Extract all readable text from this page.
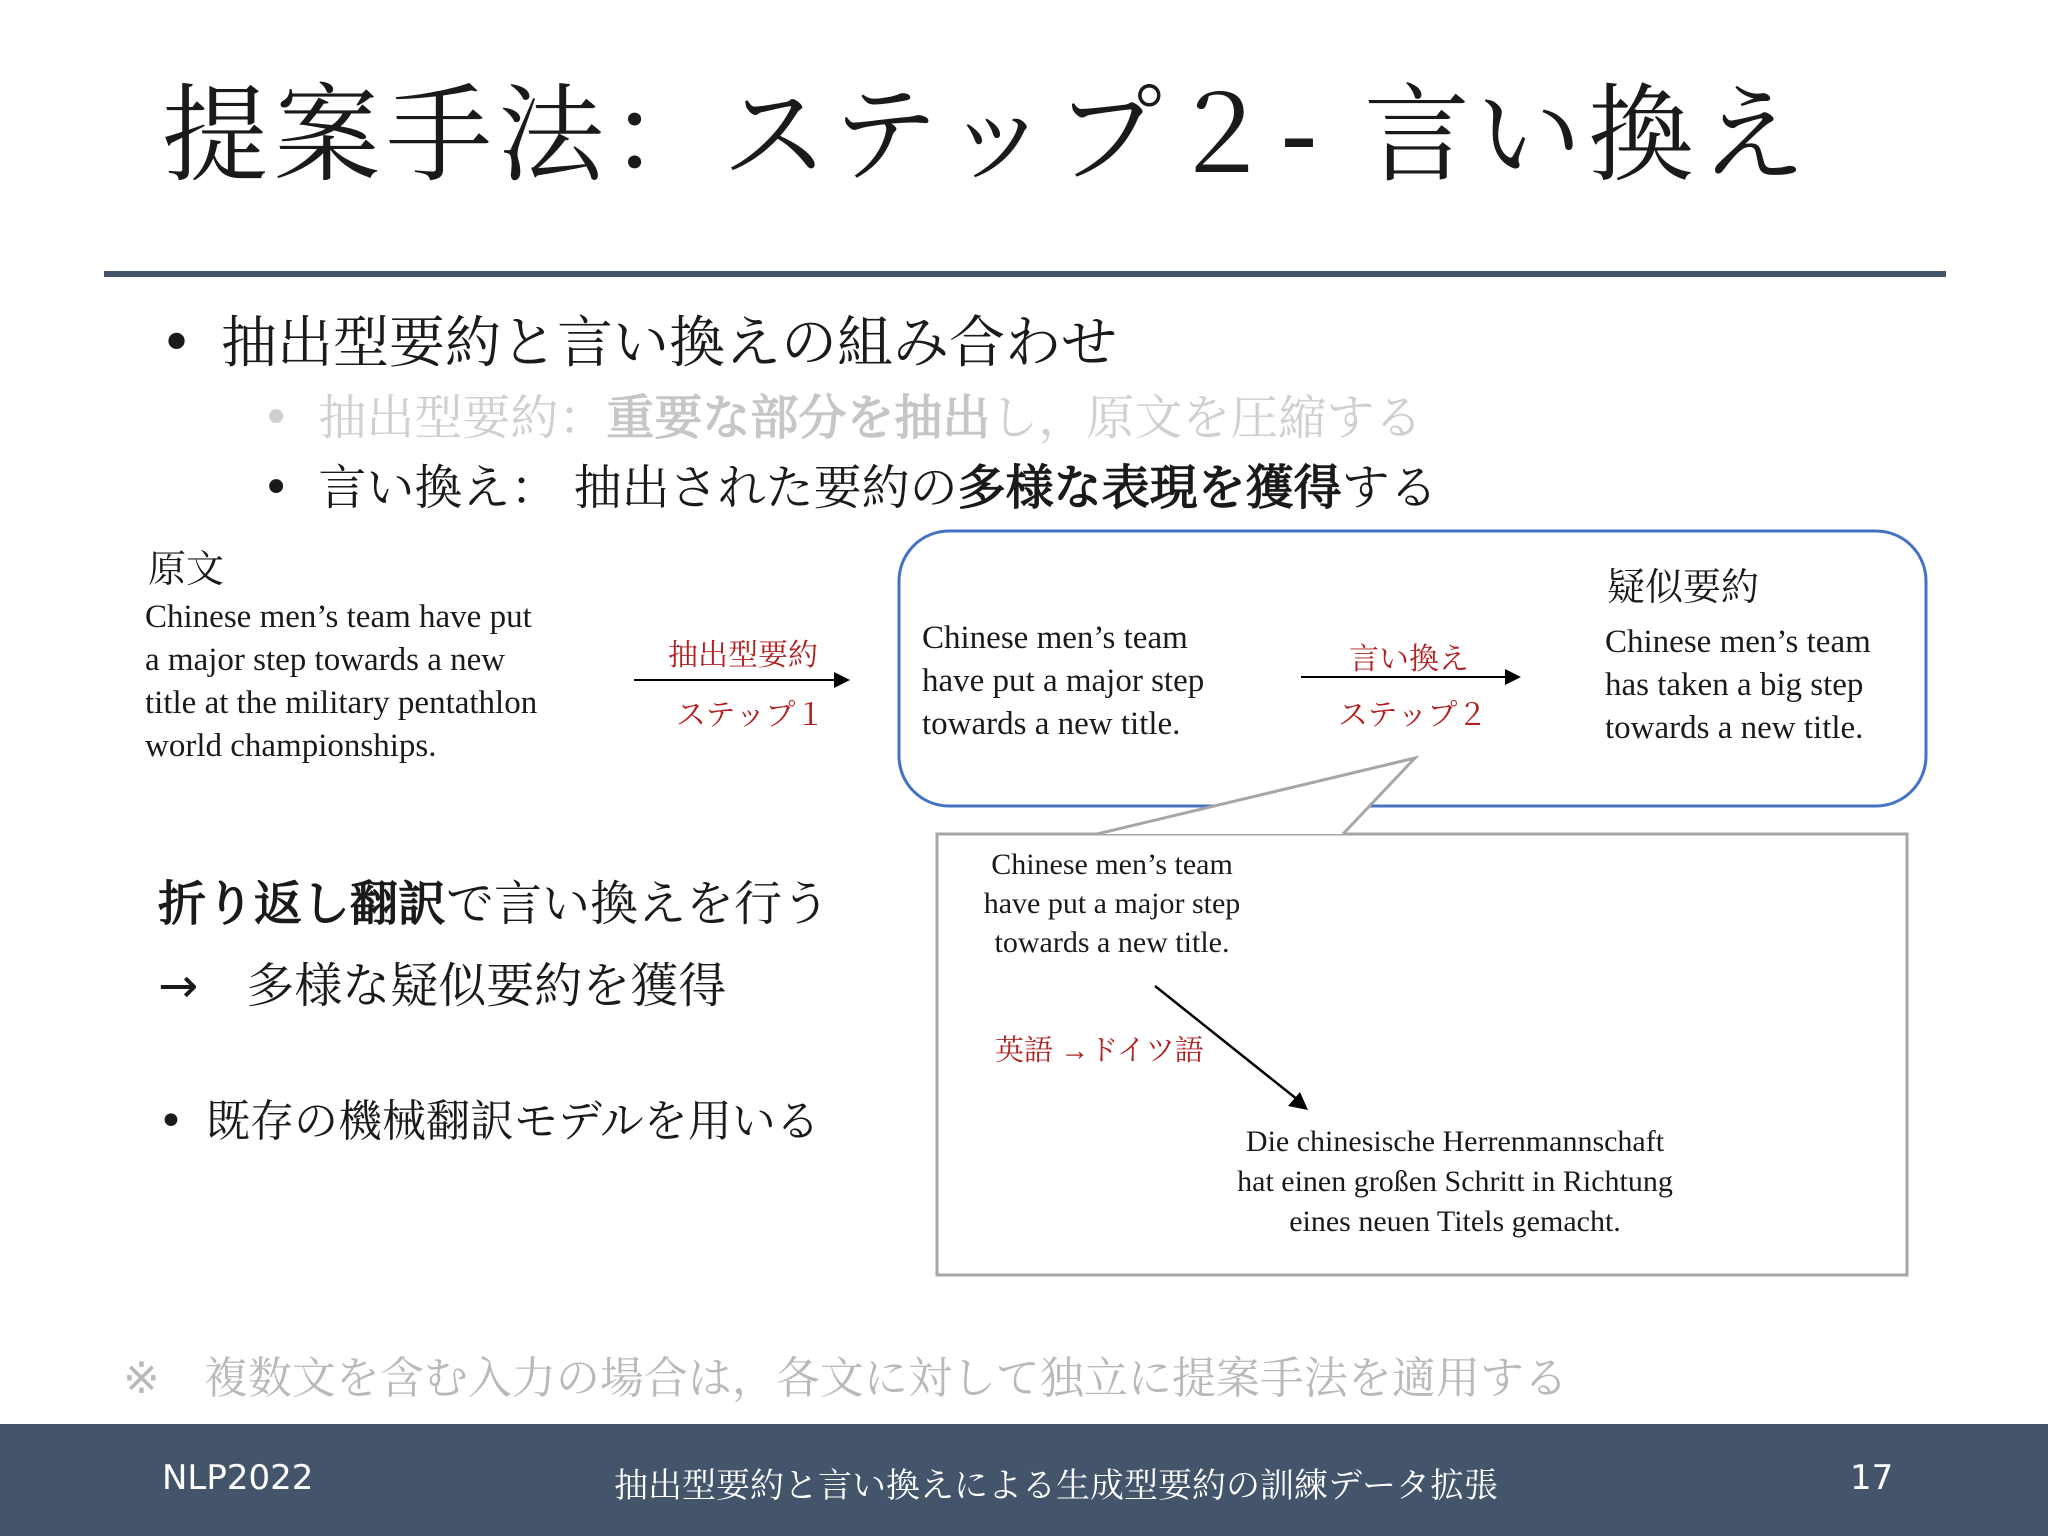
提案手法：ステップ２- 言い換え
• 抽出型要約と言い換えの組み合わせ
• 抽出型要約：重要な部分を抽出し，原文を圧縮する
• 言い換え： 抽出された要約の多様な表現を獲得する
原文
Chinese men’s team have put
a major step towards a new
title at the military pentathlon
world championships.
抽出型要約
ステップ１
Chinese men’s team
have put a major step
towards a new title.
言い換え
ステップ２
疑似要約
Chinese men’s team
has taken a big step
towards a new title.
Chinese men’s team
have put a major step
towards a new title.
英語 →ドイツ語
Die chinesische Herrenmannschaft
hat einen großen Schritt in Richtung
eines neuen Titels gemacht.
折り返し翻訳で言い換えを行う
→　多様な疑似要約を獲得
• 既存の機械翻訳モデルを用いる
※　複数文を含む入力の場合は，各文に対して独立に提案手法を適用する
NLP2022	抽出型要約と言い換えによる生成型要約の訓練データ拡張	17
